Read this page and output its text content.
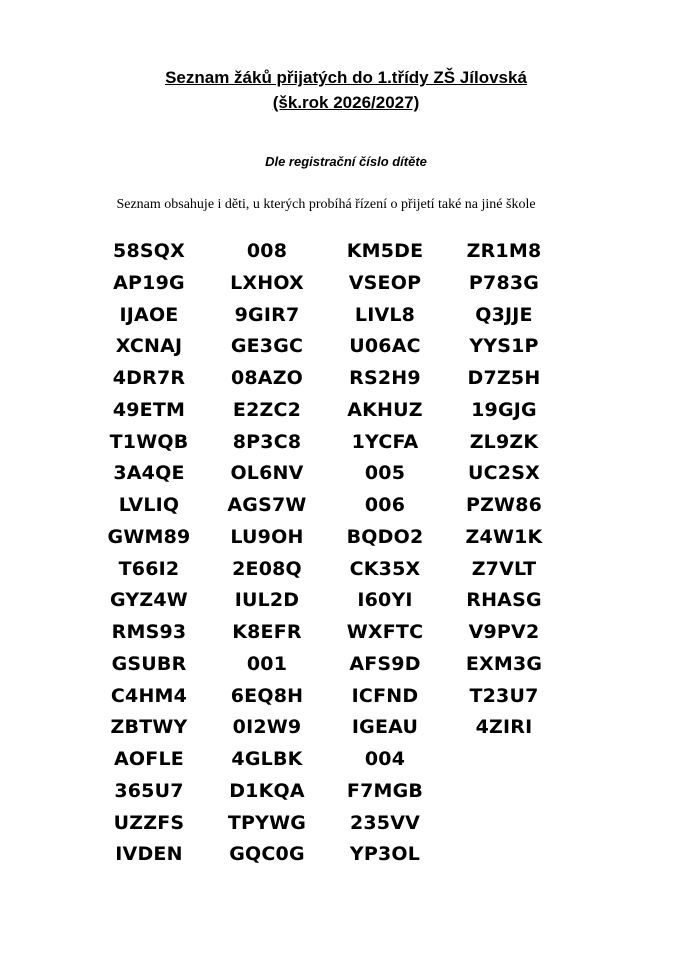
Seznam žáků přijatých do 1.třídy ZŠ Jílovská
(šk.rok 2026/2027)
Dle registrační číslo dítěte
Seznam obsahuje i děti, u kterých probíhá řízení o přijetí také na jiné škole
58SQX
AP19G
IJAOE
XCNAJ
4DR7R
49ETM
T1WQB
3A4QE
LVLIQ
GWM89
T66I2
GYZ4W
RMS93
GSUBR
C4HM4
ZBTWY
AOFLE
365U7
UZZFS
IVDEN
008
LXHOX
9GIR7
GE3GC
08AZO
E2ZC2
8P3C8
OL6NV
AGS7W
LU9OH
2E08Q
IUL2D
K8EFR
001
6EQ8H
0I2W9
4GLBK
D1KQA
TPYWG
GQC0G
KM5DE
VSEOP
LIVL8
U06AC
RS2H9
AKHUZ
1YCFA
005
006
BQDO2
CK35X
I60YI
WXFTC
AFS9D
ICFND
IGEAU
004
F7MGB
235VV
YP3OL
ZR1M8
P783G
Q3JJE
YYS1P
D7Z5H
19GJG
ZL9ZK
UC2SX
PZW86
Z4W1K
Z7VLT
RHASG
V9PV2
EXM3G
T23U7
4ZIRI
